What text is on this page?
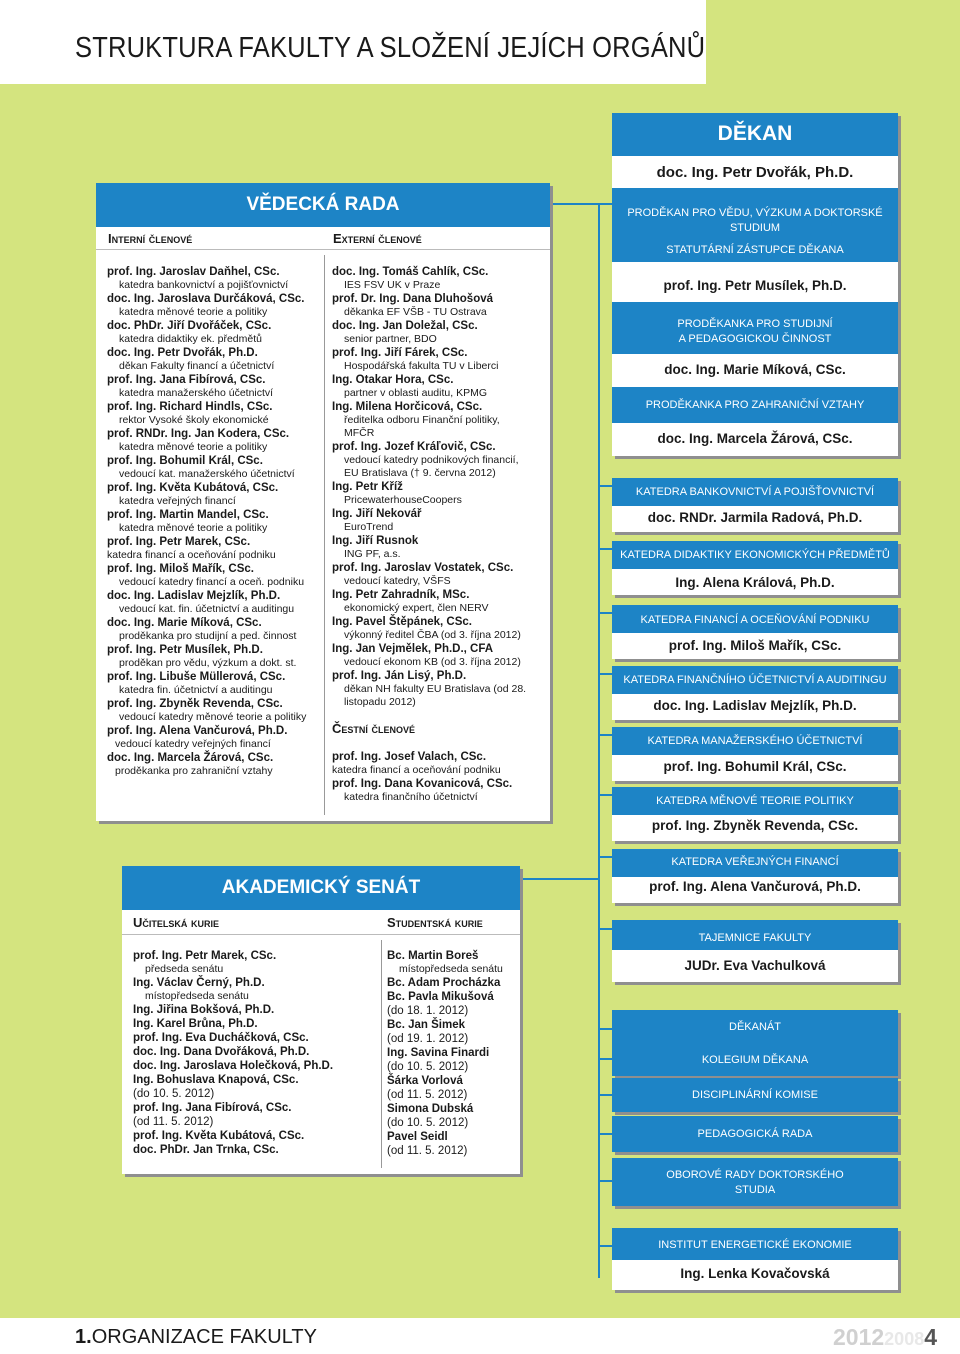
STRUKTURA FAKULTY A SLOŽENÍ JEJÍCH ORGÁNŮ
VĚDECKÁ RADA
Interní členové	Externí členové
prof. Ing. Jaroslav Daňhel, CSc.
katedra bankovnictví a pojišťovnictví
doc. Ing. Jaroslava Durčáková, CSc.
katedra měnové teorie a politiky
doc. PhDr. Jiří Dvořáček, CSc.
katedra didaktiky ek. předmětů
doc. Ing. Petr Dvořák, Ph.D.
děkan Fakulty financí a účetnictví
prof. Ing. Jana Fibírová, CSc.
katedra manažerského účetnictví
prof. Ing. Richard Hindls, CSc.
rektor Vysoké školy ekonomické
prof. RNDr. Ing. Jan Kodera, CSc.
katedra měnové teorie a politiky
prof. Ing. Bohumil Král, CSc.
vedoucí kat. manažerského účetnictví
prof. Ing. Květa Kubátová, CSc.
katedra veřejných financí
prof. Ing. Martin Mandel, CSc.
katedra měnové teorie a politiky
prof. Ing. Petr Marek, CSc.
katedra financí a oceňování podniku
prof. Ing. Miloš Mařík, CSc.
vedoucí katedry financí a oceň. podniku
doc. Ing. Ladislav Mejzlík, Ph.D.
vedoucí kat. fin. účetnictví a auditingu
doc. Ing. Marie Míková, CSc.
proděkanka pro studijní a ped. činnost
prof. Ing. Petr Musílek, Ph.D.
proděkan pro vědu, výzkum a dokt. st.
prof. Ing. Libuše Müllerová, CSc.
katedra fin. účetnictví a auditingu
prof. Ing. Zbyněk Revenda, CSc.
vedoucí katedry měnové teorie a politiky
prof. Ing. Alena Vančurová, Ph.D.
vedoucí katedry veřejných financí
doc. Ing. Marcela Žárová, CSc.
proděkanka pro zahraniční vztahy
doc. Ing. Tomáš Cahlík, CSc.
IES FSV UK v Praze
prof. Dr. Ing. Dana Dluhošová
děkanka EF VŠB - TU Ostrava
doc. Ing. Jan Doležal, CSc.
senior partner, BDO
prof. Ing. Jiří Fárek, CSc.
Hospodářská fakulta TU v Liberci
Ing. Otakar Hora, CSc.
partner v oblasti auditu, KPMG
Ing. Milena Horčicová, CSc.
ředitelka odboru Finanční politiky,
MFČR
prof. Ing. Jozef Kráľovič, CSc.
vedoucí katedry podnikových financií,
EU Bratislava († 9. června 2012)
Ing. Petr Kříž
PricewaterhouseCoopers
Ing. Jiří Nekovář
EuroTrend
Ing. Jiří Rusnok
ING PF, a.s.
prof. Ing. Jaroslav Vostatek, CSc.
vedoucí katedry, VŠFS
Ing. Petr Zahradník, MSc.
ekonomický expert, člen NERV
Ing. Pavel Štěpánek, CSc.
výkonný ředitel ČBA (od 3. října 2012)
Ing. Jan Vejmělek, Ph.D., CFA
vedoucí ekonom KB (od 3. října 2012)
prof. Ing. Ján Lisý, Ph.D.
děkan NH fakulty EU Bratislava (od 28.
listopadu 2012)
Čestní členové
prof. Ing. Josef Valach, CSc.
katedra financí a oceňování podniku
prof. Ing. Dana Kovanicová, CSc.
katedra finančního účetnictví
AKADEMICKÝ SENÁT
Učitelská kurie	Studentská kurie
prof. Ing. Petr Marek, CSc.
předseda senátu
Ing. Václav Černý, Ph.D.
místopředseda senátu
Ing. Jiřina Bokšová, Ph.D.
Ing. Karel Brůna, Ph.D.
prof. Ing. Eva Ducháčková, CSc.
doc. Ing. Dana Dvořáková, Ph.D.
doc. Ing. Jaroslava Holečková, Ph.D.
Ing. Bohuslava Knapová, CSc.
(do 10. 5. 2012)
prof. Ing. Jana Fibírová, CSc.
(od 11. 5. 2012)
prof. Ing. Květa Kubátová, CSc.
doc. PhDr. Jan Trnka, CSc.
Bc. Martin Boreš
místopředseda senátu
Bc. Adam Procházka
Bc. Pavla Mikušová
(do 18. 1. 2012)
Bc. Jan Šimek
(od 19. 1. 2012)
Ing. Savina Finardi
(do 10. 5. 2012)
Šárka Vorlová
(od 11. 5. 2012)
Simona Dubská
(do 10. 5. 2012)
Pavel Seidl
(od 11. 5. 2012)
DĚKAN
doc. Ing. Petr Dvořák, Ph.D.
PRODĚKAN PRO VĚDU, VÝZKUM A DOKTORSKÉ STUDIUM
STATUTÁRNÍ ZÁSTUPCE DĚKANA
prof. Ing. Petr Musílek, Ph.D.
PRODĚKANKA PRO STUDIJNÍ
A PEDAGOGICKOU ČINNOST
doc. Ing. Marie Míková, CSc.
PRODĚKANKA PRO ZAHRANIČNÍ VZTAHY
doc. Ing. Marcela Žárová, CSc.
KATEDRA BANKOVNICTVÍ A POJIŠŤOVNICTVÍ
doc. RNDr. Jarmila Radová, Ph.D.
KATEDRA DIDAKTIKY EKONOMICKÝCH PŘEDMĚTŮ
Ing. Alena Králová, Ph.D.
KATEDRA FINANCÍ A OCEŇOVÁNÍ PODNIKU
prof. Ing. Miloš Mařík, CSc.
KATEDRA FINANČNÍHO ÚČETNICTVÍ A AUDITINGU
doc. Ing. Ladislav Mejzlík, Ph.D.
KATEDRA MANAŽERSKÉHO ÚČETNICTVÍ
prof. Ing. Bohumil Král, CSc.
KATEDRA MĚNOVÉ TEORIE POLITIKY
prof. Ing. Zbyněk Revenda, CSc.
KATEDRA VEŘEJNÝCH FINANCÍ
prof. Ing. Alena Vančurová, Ph.D.
TAJEMNICE FAKULTY
JUDr. Eva Vachulková
DĚKANÁT
KOLEGIUM DĚKANA
DISCIPLINÁRNÍ KOMISE
PEDAGOGICKÁ RADA
OBOROVÉ RADY DOKTORSKÉHO
STUDIA
INSTITUT ENERGETICKÉ EKONOMIE
Ing. Lenka Kovačovská
1.ORGANIZACE FAKULTY	201220084
